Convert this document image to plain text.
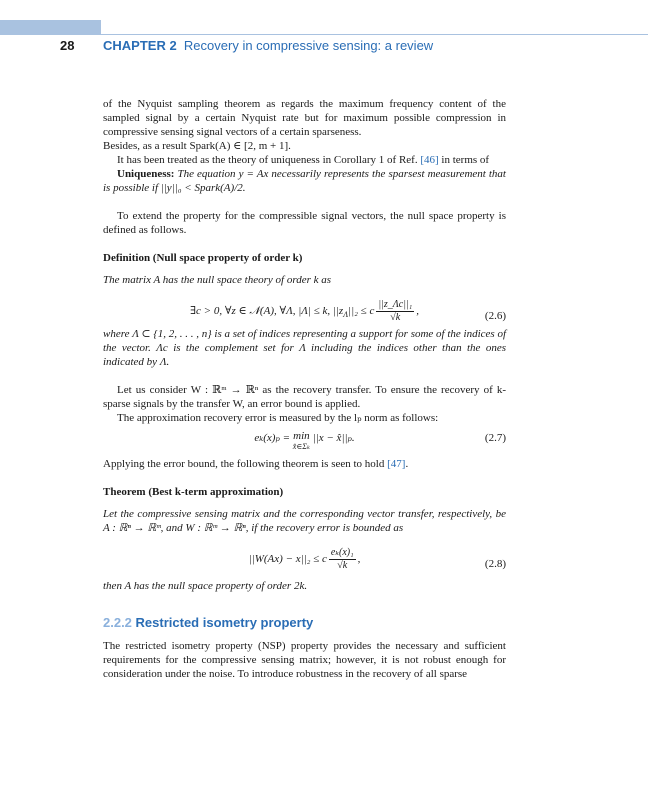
28 CHAPTER 2 Recovery in compressive sensing: a review

of the Nyquist sampling theorem as regards the maximum frequency content of the sampled signal by a certain Nyquist rate but for maximum possible compression in compressive sensing signal vectors of a certain sparseness.

Besides, as a result Spark(A) ∈ [2, m + 1].

It has been treated as the theory of uniqueness in Corollary 1 of Ref. [46] in terms of

Uniqueness: The equation y = Ax necessarily represents the sparsest measurement that is possible if ||y||₀ < Spark(A)/2.

To extend the property for the compressible signal vectors, the null space property is defined as follows.

Definition (Null space property of order k)

The matrix A has the null space theory of order k as

∃c > 0, ∀z ∈ 𝒩(A), ∀Λ, |Λ| ≤ k, $||z_\Lambda||_2 \le c \frac{\text{||z\_Λc||₁}}{√k}$ ,	(2.6)

where Λ ⊂ {1, 2, . . . , n} is a set of indices representing a support for some of the indices of the vector. Λc is the complement set for Λ including the indices other than the ones indicated by Λ.

Let us consider W : ℝᵐ → ℝⁿ as the recovery transfer. To ensure the recovery of k-sparse signals by the transfer W, an error bound is applied.

The approximation recovery error is measured by the lₚ norm as follows:

eₖ(x)ₚ = min
x̂∈Σₖ
||x − x̂||ₚ.	(2.7)

Applying the error bound, the following theorem is seen to hold [47].

Theorem (Best k-term approximation)

Let the compressive sensing matrix and the corresponding vector transfer, respectively, be A : ℝⁿ → ℝᵐ, and W : ℝᵐ → ℝⁿ, if the recovery error is bounded as

||W(Ax) − x||₂ ≤ c $\frac{\text{eₖ(x)₁}}{√k}$ ,	(2.8)

then A has the null space property of order 2k.

2.2.2 Restricted isometry property

The restricted isometry property (NSP) property provides the necessary and sufficient requirements for the compressive sensing matrix; however, it is not robust enough for consideration under the noise. To introduce robustness in the recovery of all sparse
